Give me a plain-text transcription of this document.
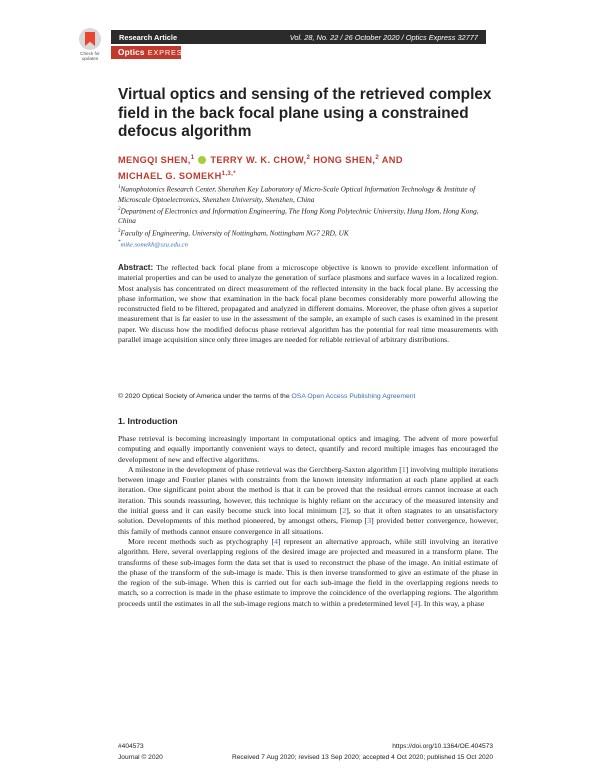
Check for updates
Research Article	Vol. 28, No. 22 / 26 October 2020 / Optics Express 32777
Optics EXPRESS
Virtual optics and sensing of the retrieved complex field in the back focal plane using a constrained defocus algorithm
MENGQI SHEN,$^1$ TERRY W. K. CHOW,$^2$ HONG SHEN,$^2$ AND
MICHAEL G. $SOMEKH^{1,3,*}$

$^1$Nanophotonics Research Center, Shenzhen Key Laboratory of Micro-Scale Optical Information Technology & Institute of Microscale Optoelectronics, Shenzhen University, Shenzhen, China

$^2$Department of Electronics and Information Engineering, The Hong Kong Polytechnic University, Hung Hom, Hong Kong, China

$^3$Faculty of Engineering, University of Nottingham, Nottingham NG7 2RD, UK

*mike.somekh@szu.edu.cn

Abstract: The reflected back focal plane from a microscope objective is known to provide excellent information of material properties and can be used to analyze the generation of surface plasmons and surface waves in a localized region. Most analysis has concentrated on direct measurement of the reflected intensity in the back focal plane. By accessing the phase information, we show that examination in the back focal plane becomes considerably more powerful allowing the reconstructed field to be filtered, propagated and analyzed in different domains. Moreover, the phase often gives a superior measurement that is far easier to use in the assessment of the sample, an example of such cases is examined in the present paper. We discuss how the modified defocus phase retrieval algorithm has the potential for real time measurements with parallel image acquisition since only three images are needed for reliable retrieval of arbitrary distributions.
© 2020 Optical Society of America under the terms of the OSA Open Access Publishing Agreement
1. Introduction

Phase retrieval is becoming increasingly important in computational optics and imaging. The advent of more powerful computing and equally importantly convenient ways to detect, quantify and record multiple images has encouraged the development of new and effective algorithms.

A milestone in the development of phase retrieval was the Gerchberg-Saxton algorithm [1] involving multiple iterations between image and Fourier planes with constraints from the known intensity information at each plane applied at each iteration. One significant point about the method is that it can be proved that the residual errors cannot increase at each iteration. This sounds reassuring, however, this technique is highly reliant on the accuracy of the measured intensity and the initial guess and it can easily become stuck into local minimum [2], so that it often stagnates to an unsatisfactory solution. Developments of this method pioneered, by amongst others, Fienup [3] provided better convergence, however, this family of methods cannot ensure convergence in all situations.

More recent methods such as ptychography [4] represent an alternative approach, while still involving an iterative algorithm. Here, several overlapping regions of the desired image are projected and measured in a transform plane. The transforms of these sub-images form the data set that is used to reconstruct the phase of the image. An initial estimate of the phase of the transform of the sub-image is made. This is then inverse transformed to give an estimate of the phase in the region of the sub-image. When this is carried out for each sub-image the field in the overlapping regions needs to match, so a correction is made in the phase estimate to improve the coincidence of the overlapping regions. The algorithm proceeds until the estimates in all the sub-image regions match to within a predetermined level [4]. In this way, a phase

#404573	https://doi.org/10.1364/OE.404573
Journal © 2020	Received 7 Aug 2020; revised 13 Sep 2020; accepted 4 Oct 2020; published 15 Oct 2020
